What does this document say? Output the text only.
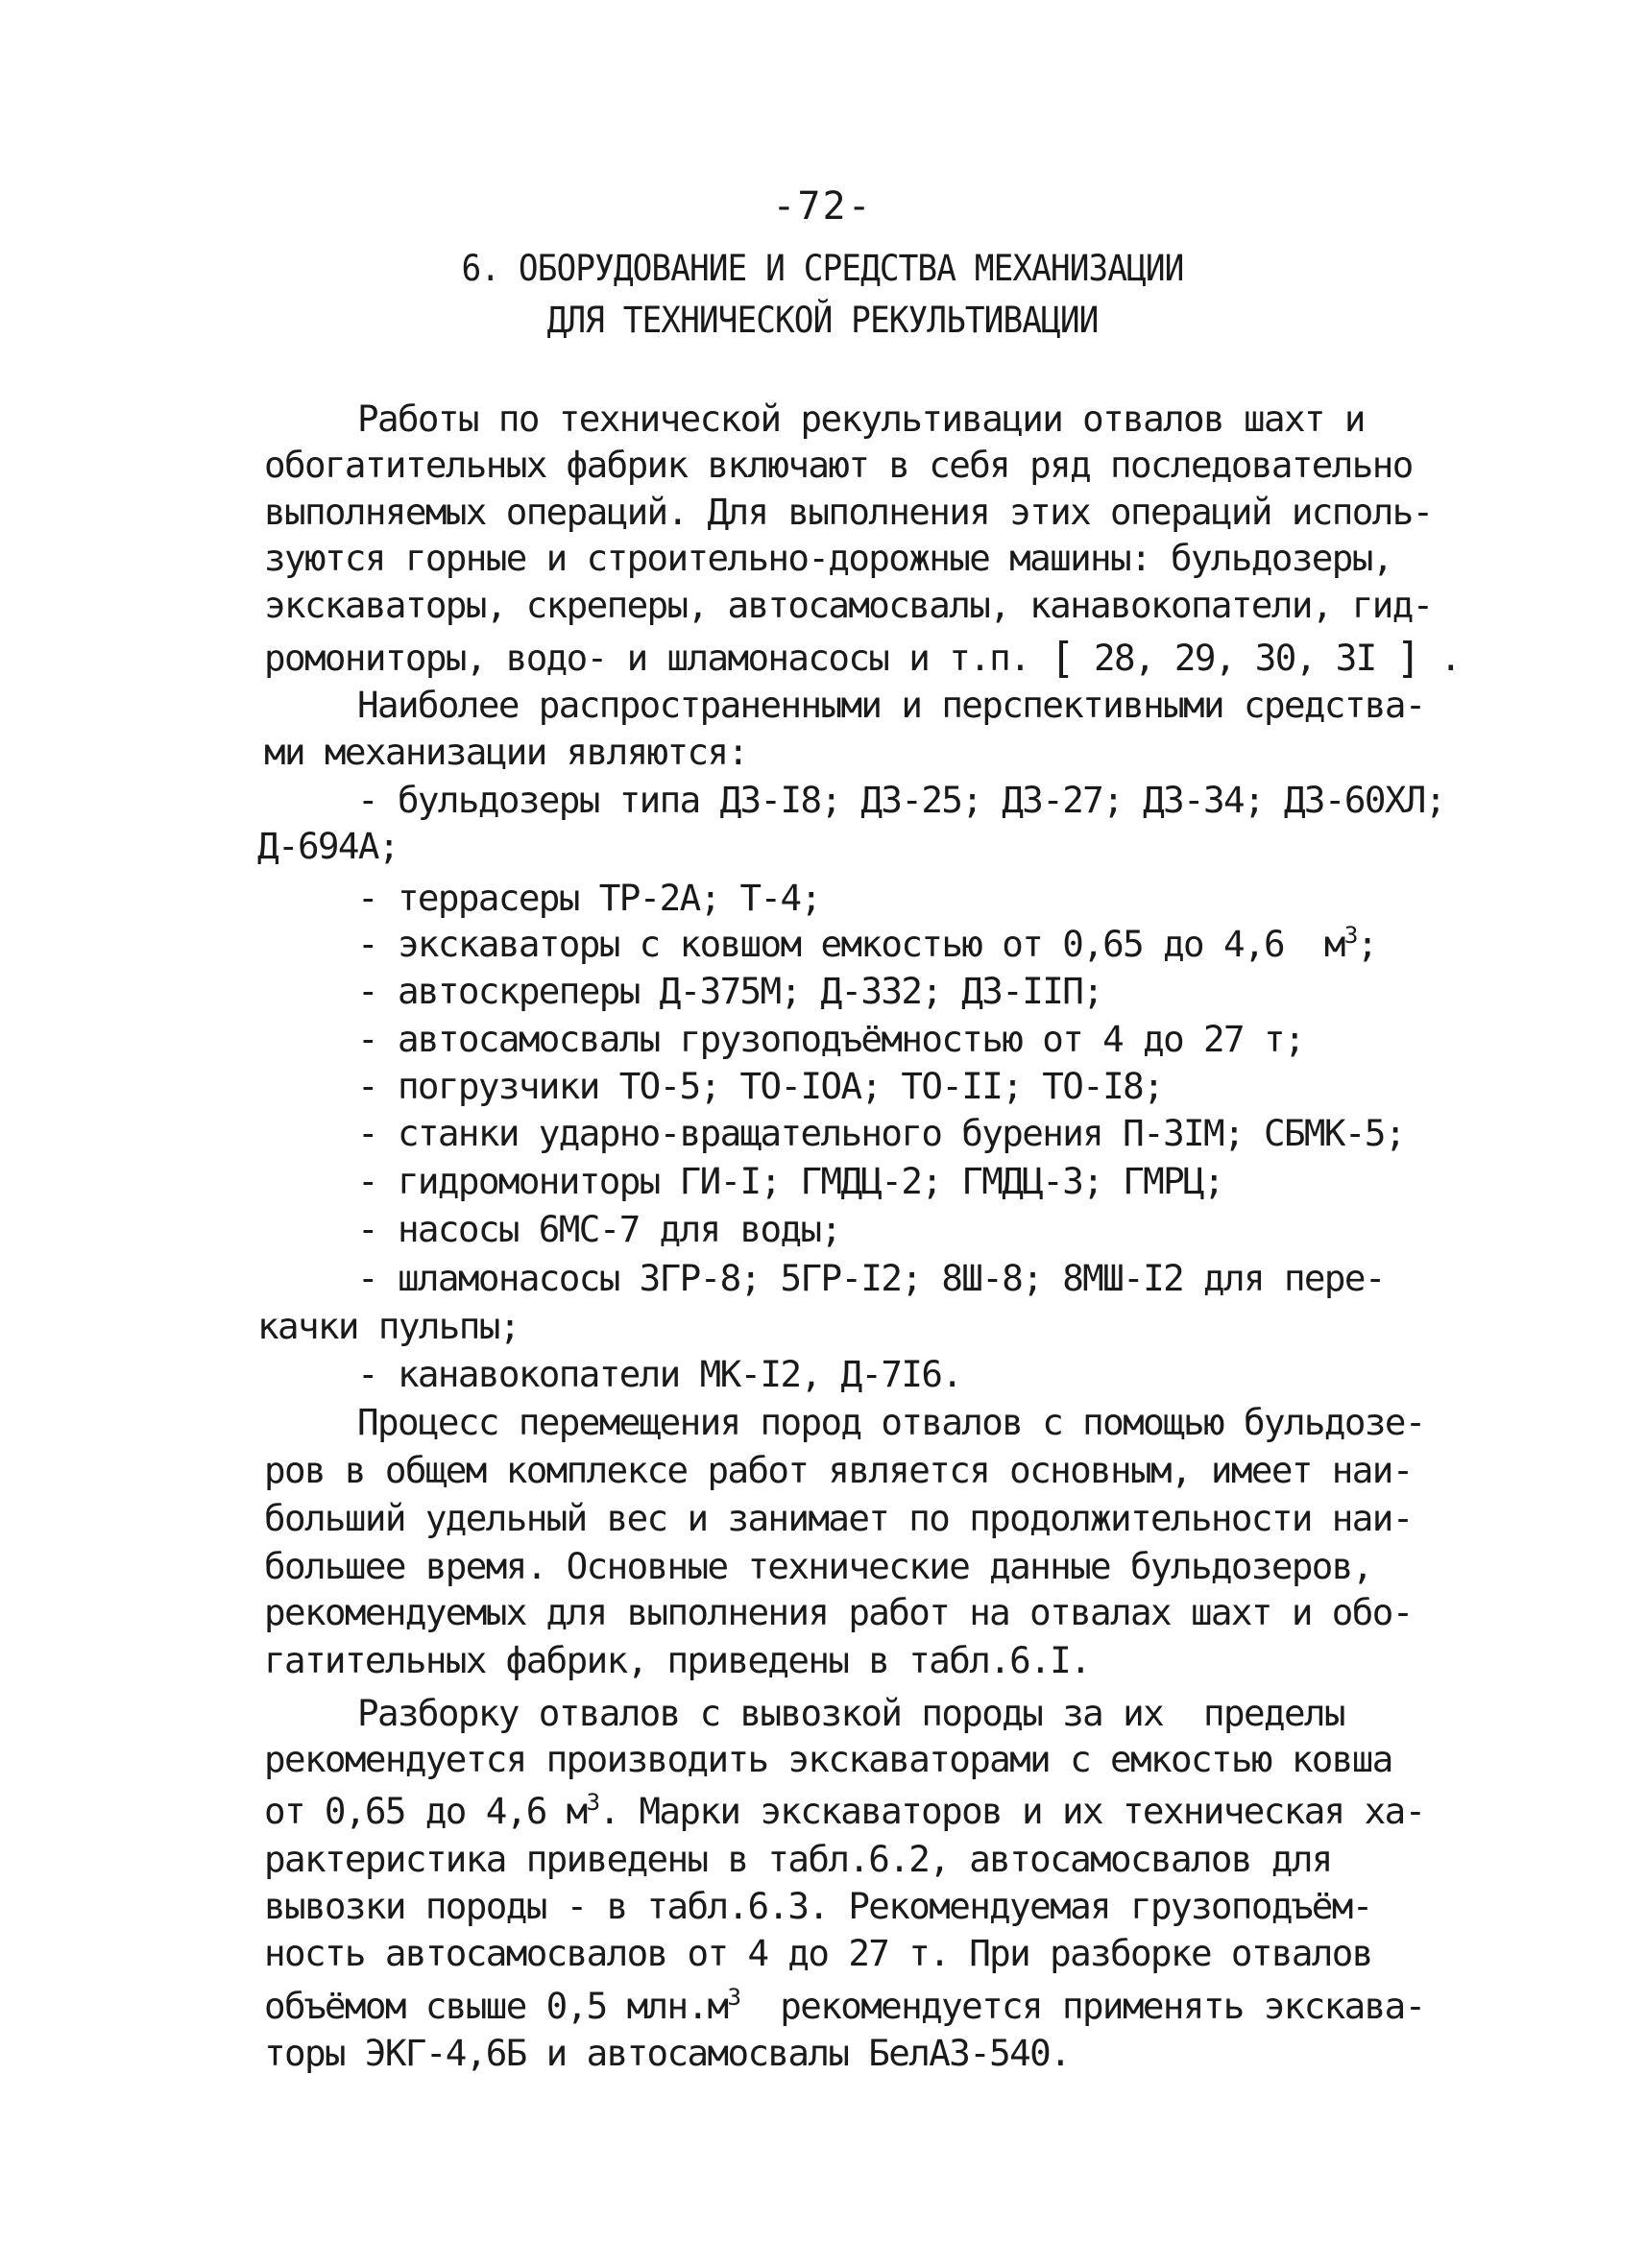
-72-
6. ОБОРУДОВАНИЕ И СРЕДСТВА МЕХАНИЗАЦИИ
ДЛЯ ТЕХНИЧЕСКОЙ РЕКУЛЬТИВАЦИИ
Работы по технической рекультивации отвалов шахт и
обогатительных фабрик включают в себя ряд последовательно
выполняемых операций. Для выполнения этих операций исполь-
зуются горные и строительно-дорожные машины: бульдозеры,
экскаваторы, скреперы, автосамосвалы, канавокопатели, гид-
ромониторы, водо- и шламонасосы и т.п. [ 28, 29, 30, 3I ] .
Наиболее распространенными и перспективными средства-
ми механизации являются:
- бульдозеры типа ДЗ-I8; ДЗ-25; ДЗ-27; ДЗ-34; ДЗ-60ХЛ;
Д-694А;
- террасеры ТР-2А; Т-4;
- экскаваторы с ковшом емкостью от 0,65 до 4,6  $м^3$;
- автоскреперы Д-375М; Д-332; ДЗ-IIП;
- автосамосвалы грузоподъёмностью от 4 до 27 т;
- погрузчики ТО-5; ТО-IОА; ТО-II; ТО-I8;
- станки ударно-вращательного бурения П-3IМ; СБМК-5;
- гидромониторы ГИ-I; ГМДЦ-2; ГМДЦ-3; ГМРЦ;
- насосы 6МС-7 для воды;
- шламонасосы 3ГР-8; 5ГР-I2; 8Ш-8; 8МШ-I2 для пере-
качки пульпы;
- канавокопатели МК-I2, Д-7I6.
Процесс перемещения пород отвалов с помощью бульдозе-
ров в общем комплексе работ является основным, имеет наи-
больший удельный вес и занимает по продолжительности наи-
большее время. Основные технические данные бульдозеров,
рекомендуемых для выполнения работ на отвалах шахт и обо-
гатительных фабрик, приведены в табл.6.I.
Разборку отвалов с вывозкой породы за их  пределы
рекомендуется производить экскаваторами с емкостью ковша
от 0,65 до 4,6 $м^3$. Марки экскаваторов и их техническая ха-
рактеристика приведены в табл.6.2, автосамосвалов для
вывозки породы - в табл.6.3. Рекомендуемая грузоподъём-
ность автосамосвалов от 4 до 27 т. При разборке отвалов
объёмом свыше 0,5 $млн.м^3$  рекомендуется применять экскава-
торы ЭКГ-4,6Б и автосамосвалы БелАЗ-540.
